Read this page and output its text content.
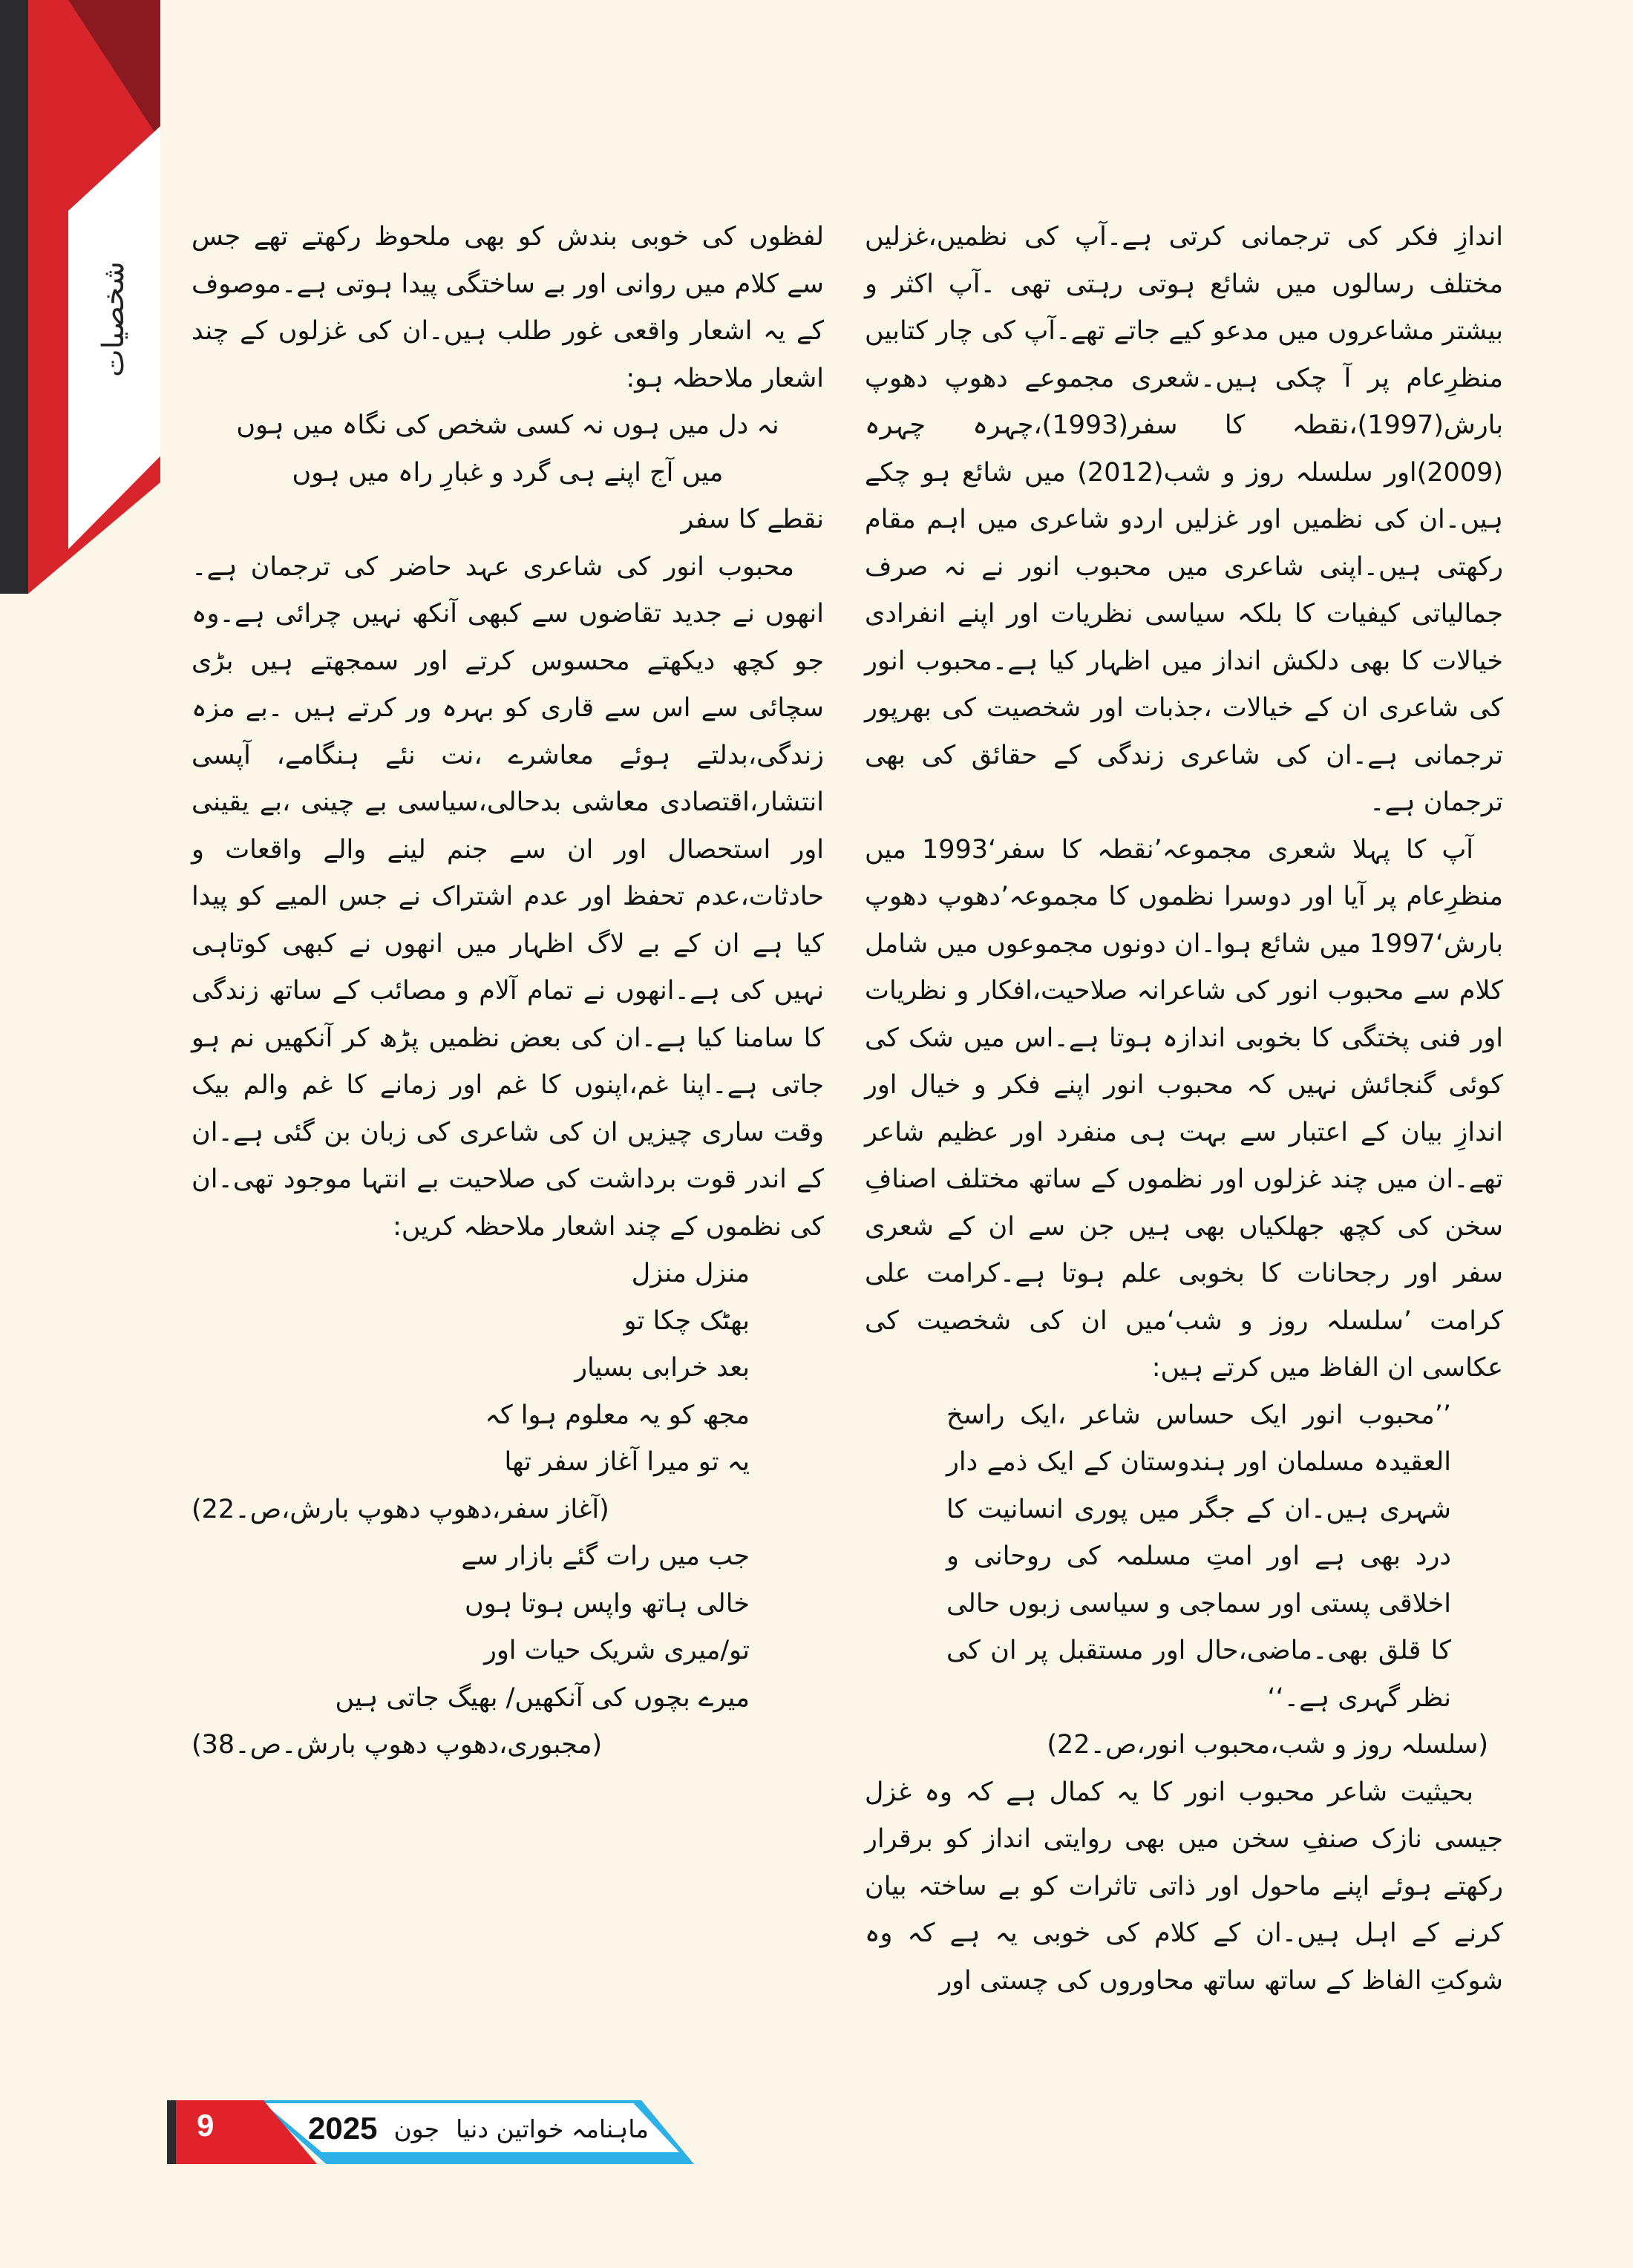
شخصیات

اندازِ فکر کی ترجمانی کرتی ہے۔آپ کی نظمیں،غزلیں مختلف رسالوں میں شائع ہوتی رہتی تھی ۔آپ اکثر و بیشتر مشاعروں میں مدعو کیے جاتے تھے۔آپ کی چار کتابیں منظرِعام پر آ چکی ہیں۔شعری مجموعے دھوپ دھوپ بارش(1997)،نقطہ کا سفر(1993)،چہرہ چہرہ (2009)اور سلسلہ روز و شب(2012) میں شائع ہو چکے ہیں۔ان کی نظمیں اور غزلیں اردو شاعری میں اہم مقام رکھتی ہیں۔اپنی شاعری میں محبوب انور نے نہ صرف جمالیاتی کیفیات کا بلکہ سیاسی نظریات اور اپنے انفرادی خیالات کا بھی دلکش انداز میں اظہار کیا ہے۔محبوب انور کی شاعری ان کے خیالات ،جذبات اور شخصیت کی بھرپور ترجمانی ہے۔ان کی شاعری زندگی کے حقائق کی بھی ترجمان ہے۔

آپ کا پہلا شعری مجموعہ’نقطہ کا سفر‘1993 میں منظرِعام پر آیا اور دوسرا نظموں کا مجموعہ’دھوپ دھوپ بارش‘1997 میں شائع ہوا۔ان دونوں مجموعوں میں شامل کلام سے محبوب انور کی شاعرانہ صلاحیت،افکار و نظریات اور فنی پختگی کا بخوبی اندازہ ہوتا ہے۔اس میں شک کی کوئی گنجائش نہیں کہ محبوب انور اپنے فکر و خیال اور اندازِ بیان کے اعتبار سے بہت ہی منفرد اور عظیم شاعر تھے۔ان میں چند غزلوں اور نظموں کے ساتھ مختلف اصنافِ سخن کی کچھ جھلکیاں بھی ہیں جن سے ان کے شعری سفر اور رجحانات کا بخوبی علم ہوتا ہے۔کرامت علی کرامت ’سلسلہ روز و شب‘میں ان کی شخصیت کی عکاسی ان الفاظ میں کرتے ہیں:

’’محبوب انور ایک حساس شاعر ،ایک راسخ العقیدہ مسلمان اور ہندوستان کے ایک ذمے دار شہری ہیں۔ان کے جگر میں پوری انسانیت کا درد بھی ہے اور امتِ مسلمہ کی روحانی و اخلاقی پستی اور سماجی و سیاسی زبوں حالی کا قلق بھی۔ماضی،حال اور مستقبل پر ان کی نظر گہری ہے۔‘‘

(سلسلہ روز و شب،محبوب انور،ص۔22)

بحیثیت شاعر محبوب انور کا یہ کمال ہے کہ وہ غزل جیسی نازک صنفِ سخن میں بھی روایتی انداز کو برقرار رکھتے ہوئے اپنے ماحول اور ذاتی تاثرات کو بے ساختہ بیان کرنے کے اہل ہیں۔ان کے کلام کی خوبی یہ ہے کہ وہ شوکتِ الفاظ کے ساتھ ساتھ محاوروں کی چستی اور

لفظوں کی خوبی بندش کو بھی ملحوظ رکھتے تھے جس سے کلام میں روانی اور بے ساختگی پیدا ہوتی ہے۔موصوف کے یہ اشعار واقعی غور طلب ہیں۔ان کی غزلوں کے چند اشعار ملاحظہ ہو:

نہ دل میں ہوں نہ کسی شخص کی نگاہ میں ہوں

میں آج اپنے ہی گرد و غبارِ راہ میں ہوں

نقطے کا سفر

محبوب انور کی شاعری عہد حاضر کی ترجمان ہے۔انھوں نے جدید تقاضوں سے کبھی آنکھ نہیں چرائی ہے۔وہ جو کچھ دیکھتے محسوس کرتے اور سمجھتے ہیں بڑی سچائی سے اس سے قاری کو بہرہ ور کرتے ہیں ۔بے مزہ زندگی،بدلتے ہوئے معاشرے ،نت نئے ہنگامے، آپسی انتشار،اقتصادی معاشی بدحالی،سیاسی بے چینی ،بے یقینی اور استحصال اور ان سے جنم لینے والے واقعات و حادثات،عدم تحفظ اور عدم اشتراک نے جس المیے کو پیدا کیا ہے ان کے بے لاگ اظہار میں انھوں نے کبھی کوتاہی نہیں کی ہے۔انھوں نے تمام آلام و مصائب کے ساتھ زندگی کا سامنا کیا ہے۔ان کی بعض نظمیں پڑھ کر آنکھیں نم ہو جاتی ہے۔اپنا غم،اپنوں کا غم اور زمانے کا غم والم بیک وقت ساری چیزیں ان کی شاعری کی زبان بن گئی ہے۔ان کے اندر قوت برداشت کی صلاحیت بے انتہا موجود تھی۔ان کی نظموں کے چند اشعار ملاحظہ کریں:

منزل منزل

بھٹک چکا تو

بعد خرابی بسیار

مجھ کو یہ معلوم ہوا کہ

یہ تو میرا آغاز سفر تھا

(آغاز سفر،دھوپ دھوپ بارش،ص۔22)

جب میں رات گئے بازار سے

خالی ہاتھ واپس ہوتا ہوں

تو/میری شریک حیات اور

میرے بچوں کی آنکھیں/ بھیگ جاتی ہیں

(مجبوری،دھوپ دھوپ بارش۔ص۔38)

9	2025 جون ماہنامہ خواتین دنیا
